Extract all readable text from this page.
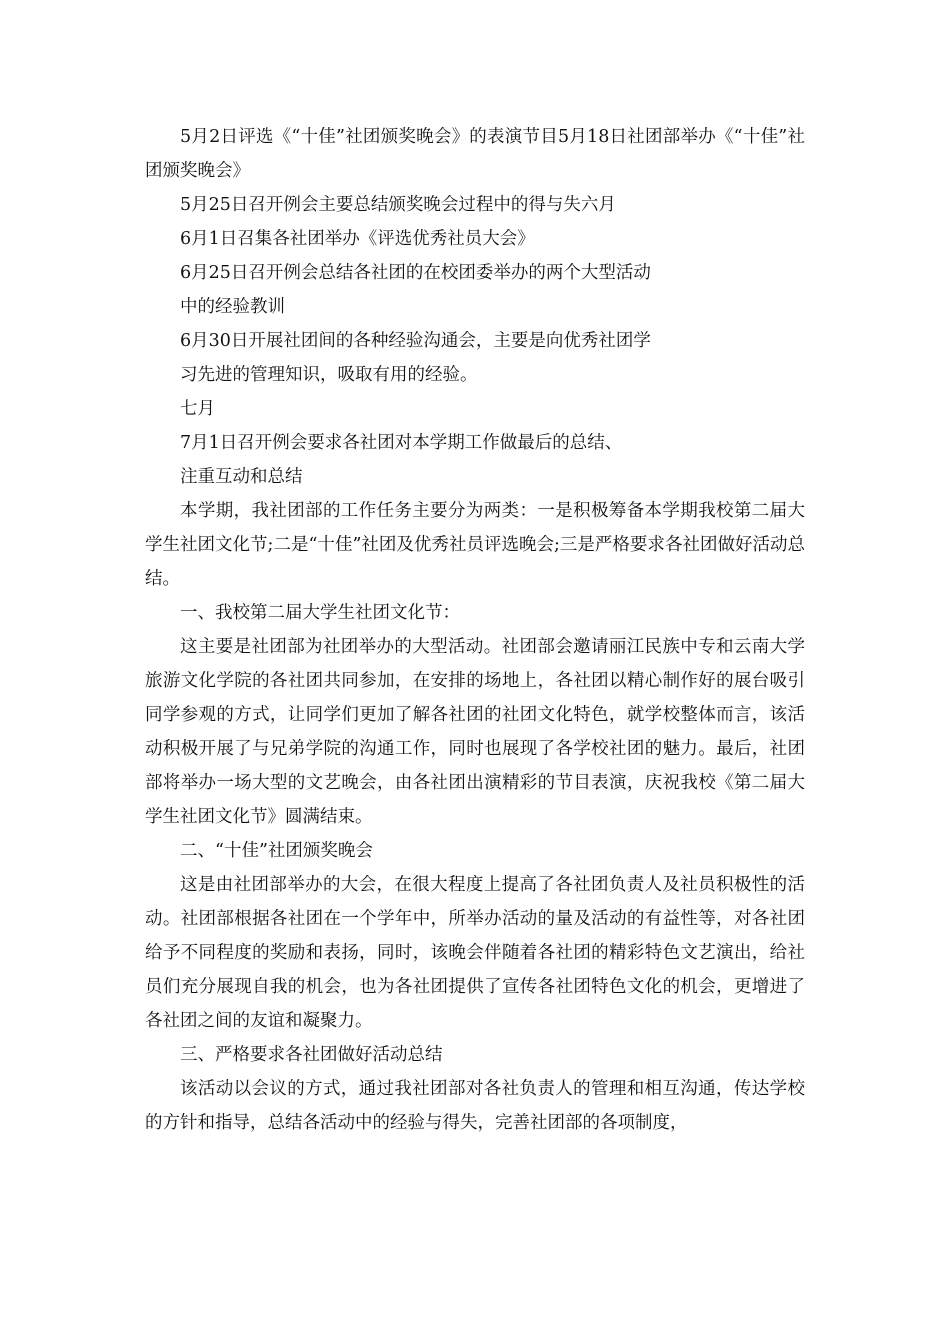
5月2日评选《“十佳”社团颁奖晚会》的表演节目5月18日社团部举办《“十佳”社团颁奖晚会》

5月25日召开例会主要总结颁奖晚会过程中的得与失六月

6月1日召集各社团举办《评选优秀社员大会》

6月25日召开例会总结各社团的在校团委举办的两个大型活动

中的经验教训

6月30日开展社团间的各种经验沟通会，主要是向优秀社团学

习先进的管理知识，吸取有用的经验。

七月

7月1日召开例会要求各社团对本学期工作做最后的总结、

注重互动和总结

本学期，我社团部的工作任务主要分为两类：一是积极筹备本学期我校第二届大学生社团文化节;二是“十佳”社团及优秀社员评选晚会;三是严格要求各社团做好活动总结。

一、我校第二届大学生社团文化节：

这主要是社团部为社团举办的大型活动。社团部会邀请丽江民族中专和云南大学旅游文化学院的各社团共同参加，在安排的场地上，各社团以精心制作好的展台吸引同学参观的方式，让同学们更加了解各社团的社团文化特色，就学校整体而言，该活动积极开展了与兄弟学院的沟通工作，同时也展现了各学校社团的魅力。最后，社团部将举办一场大型的文艺晚会，由各社团出演精彩的节目表演，庆祝我校《第二届大学生社团文化节》圆满结束。

二、“十佳”社团颁奖晚会

这是由社团部举办的大会，在很大程度上提高了各社团负责人及社员积极性的活动。社团部根据各社团在一个学年中，所举办活动的量及活动的有益性等，对各社团给予不同程度的奖励和表扬，同时，该晚会伴随着各社团的精彩特色文艺演出，给社员们充分展现自我的机会，也为各社团提供了宣传各社团特色文化的机会，更增进了各社团之间的友谊和凝聚力。

三、严格要求各社团做好活动总结

该活动以会议的方式，通过我社团部对各社负责人的管理和相互沟通，传达学校的方针和指导，总结各活动中的经验与得失，完善社团部的各项制度，
